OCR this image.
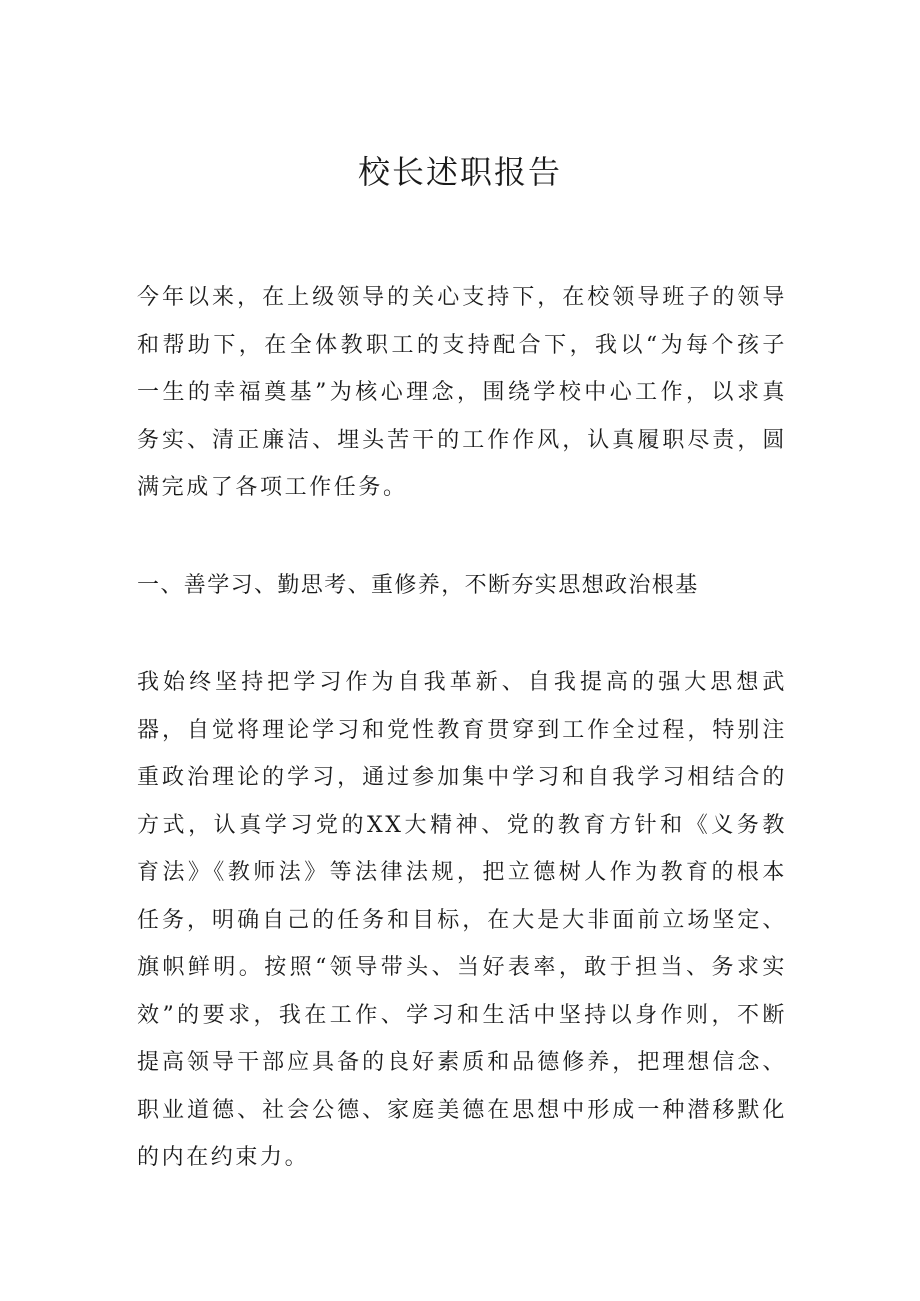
校长述职报告

今年以来，在上级领导的关心支持下，在校领导班子的领导和帮助下，在全体教职工的支持配合下，我以“为每个孩子一生的幸福奠基”为核心理念，围绕学校中心工作，以求真务实、清正廉洁、埋头苦干的工作作风，认真履职尽责，圆满完成了各项工作任务。

一、善学习、勤思考、重修养，不断夯实思想政治根基

我始终坚持把学习作为自我革新、自我提高的强大思想武器，自觉将理论学习和党性教育贯穿到工作全过程，特别注重政治理论的学习，通过参加集中学习和自我学习相结合的方式，认真学习党的XX大精神、党的教育方针和《义务教育法》《教师法》等法律法规，把立德树人作为教育的根本任务，明确自己的任务和目标，在大是大非面前立场坚定、旗帜鲜明。按照“领导带头、当好表率，敢于担当、务求实效”的要求，我在工作、学习和生活中坚持以身作则，不断提高领导干部应具备的良好素质和品德修养，把理想信念、职业道德、社会公德、家庭美德在思想中形成一种潜移默化的内在约束力。
